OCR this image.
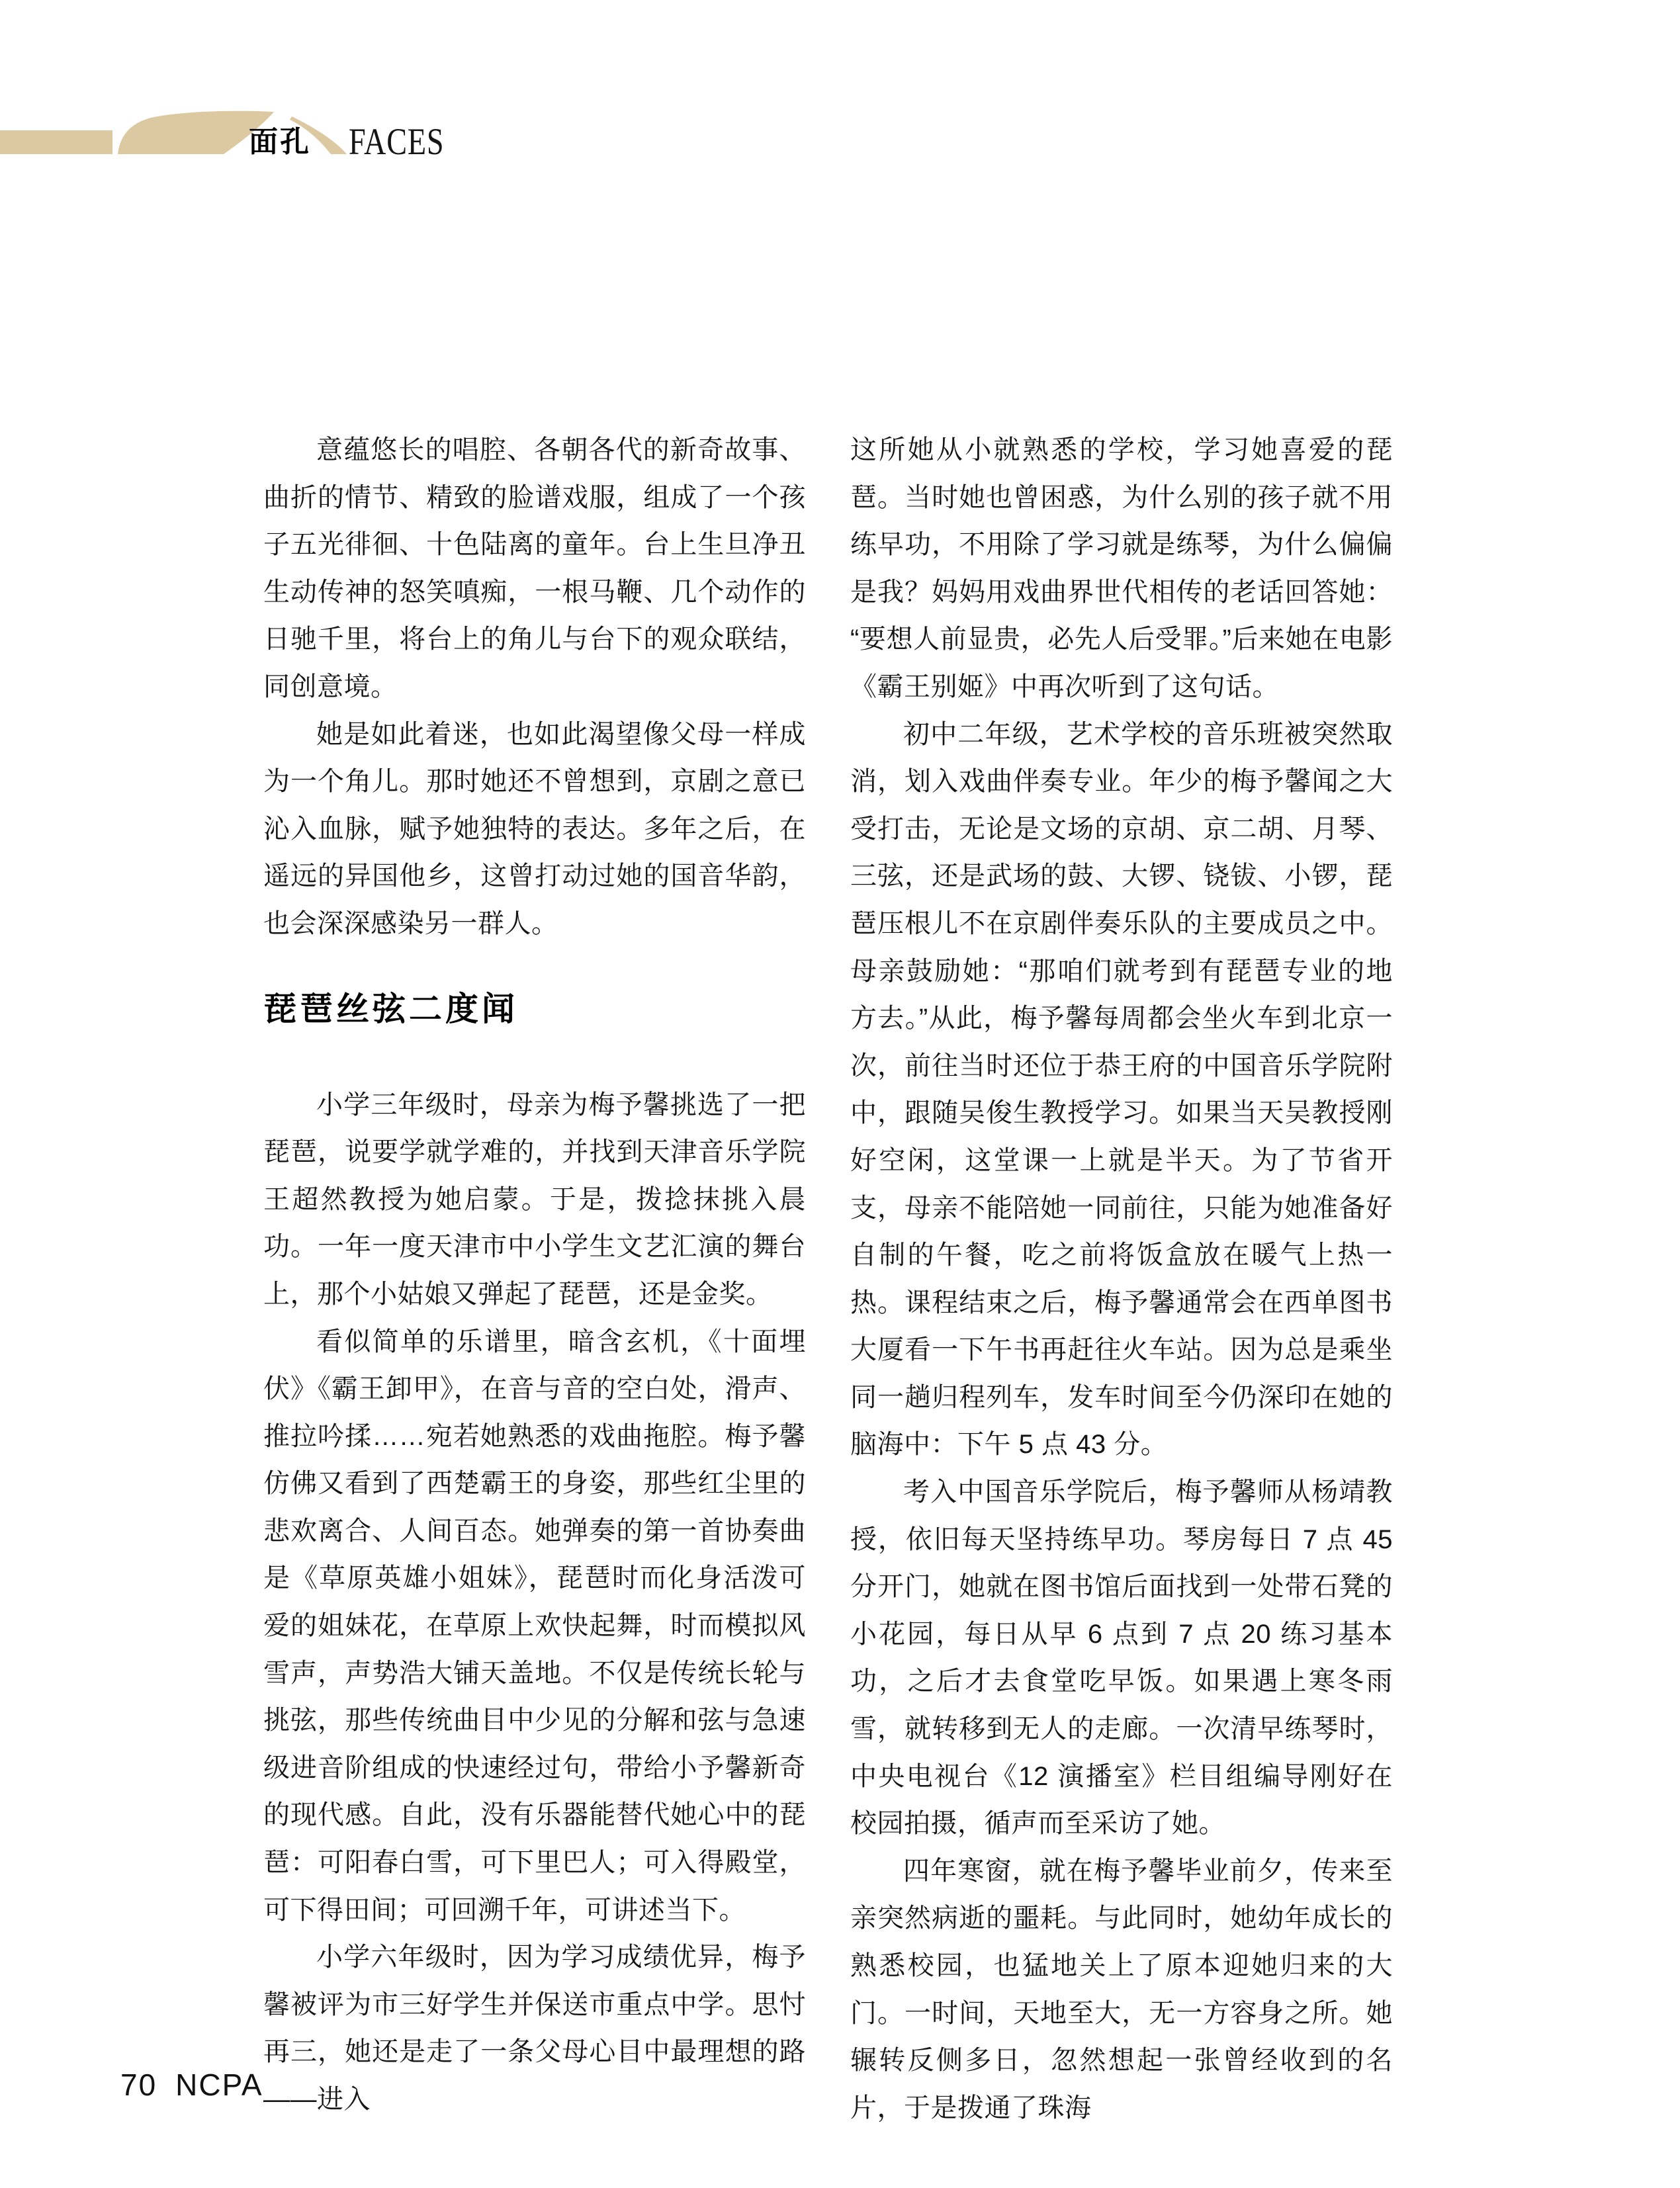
面孔 FACES

意蕴悠长的唱腔、各朝各代的新奇故事、曲折的情节、精致的脸谱戏服，组成了一个孩子五光徘徊、十色陆离的童年。台上生旦净丑生动传神的怒笑嗔痴，一根马鞭、几个动作的日驰千里，将台上的角儿与台下的观众联结，同创意境。

她是如此着迷，也如此渴望像父母一样成为一个角儿。那时她还不曾想到，京剧之意已沁入血脉，赋予她独特的表达。多年之后，在遥远的异国他乡，这曾打动过她的国音华韵，也会深深感染另一群人。

琵琶丝弦二度闻

小学三年级时，母亲为梅予馨挑选了一把琵琶，说要学就学难的，并找到天津音乐学院王超然教授为她启蒙。于是，拨捻抹挑入晨功。一年一度天津市中小学生文艺汇演的舞台上，那个小姑娘又弹起了琵琶，还是金奖。

看似简单的乐谱里，暗含玄机，《十面埋伏》《霸王卸甲》，在音与音的空白处，滑声、推拉吟揉……宛若她熟悉的戏曲拖腔。梅予馨仿佛又看到了西楚霸王的身姿，那些红尘里的悲欢离合、人间百态。她弹奏的第一首协奏曲是《草原英雄小姐妹》，琵琶时而化身活泼可爱的姐妹花，在草原上欢快起舞，时而模拟风雪声，声势浩大铺天盖地。不仅是传统长轮与挑弦，那些传统曲目中少见的分解和弦与急速级进音阶组成的快速经过句，带给小予馨新奇的现代感。自此，没有乐器能替代她心中的琵琶：可阳春白雪，可下里巴人；可入得殿堂，可下得田间；可回溯千年，可讲述当下。

小学六年级时，因为学习成绩优异，梅予馨被评为市三好学生并保送市重点中学。思忖再三，她还是走了一条父母心目中最理想的路——进入

这所她从小就熟悉的学校，学习她喜爱的琵琶。当时她也曾困惑，为什么别的孩子就不用练早功，不用除了学习就是练琴，为什么偏偏是我？妈妈用戏曲界世代相传的老话回答她：“要想人前显贵，必先人后受罪。”后来她在电影《霸王别姬》中再次听到了这句话。

初中二年级，艺术学校的音乐班被突然取消，划入戏曲伴奏专业。年少的梅予馨闻之大受打击，无论是文场的京胡、京二胡、月琴、三弦，还是武场的鼓、大锣、铙钹、小锣，琵琶压根儿不在京剧伴奏乐队的主要成员之中。母亲鼓励她：“那咱们就考到有琵琶专业的地方去。”从此，梅予馨每周都会坐火车到北京一次，前往当时还位于恭王府的中国音乐学院附中，跟随吴俊生教授学习。如果当天吴教授刚好空闲，这堂课一上就是半天。为了节省开支，母亲不能陪她一同前往，只能为她准备好自制的午餐，吃之前将饭盒放在暖气上热一热。课程结束之后，梅予馨通常会在西单图书大厦看一下午书再赶往火车站。因为总是乘坐同一趟归程列车，发车时间至今仍深印在她的脑海中：下午 5 点 43 分。

考入中国音乐学院后，梅予馨师从杨靖教授，依旧每天坚持练早功。琴房每日 7 点 45 分开门，她就在图书馆后面找到一处带石凳的小花园，每日从早 6 点到 7 点 20 练习基本功，之后才去食堂吃早饭。如果遇上寒冬雨雪，就转移到无人的走廊。一次清早练琴时，中央电视台《12 演播室》栏目组编导刚好在校园拍摄，循声而至采访了她。

四年寒窗，就在梅予馨毕业前夕，传来至亲突然病逝的噩耗。与此同时，她幼年成长的熟悉校园，也猛地关上了原本迎她归来的大门。一时间，天地至大，无一方容身之所。她辗转反侧多日，忽然想起一张曾经收到的名片，于是拨通了珠海

70 NCPA
